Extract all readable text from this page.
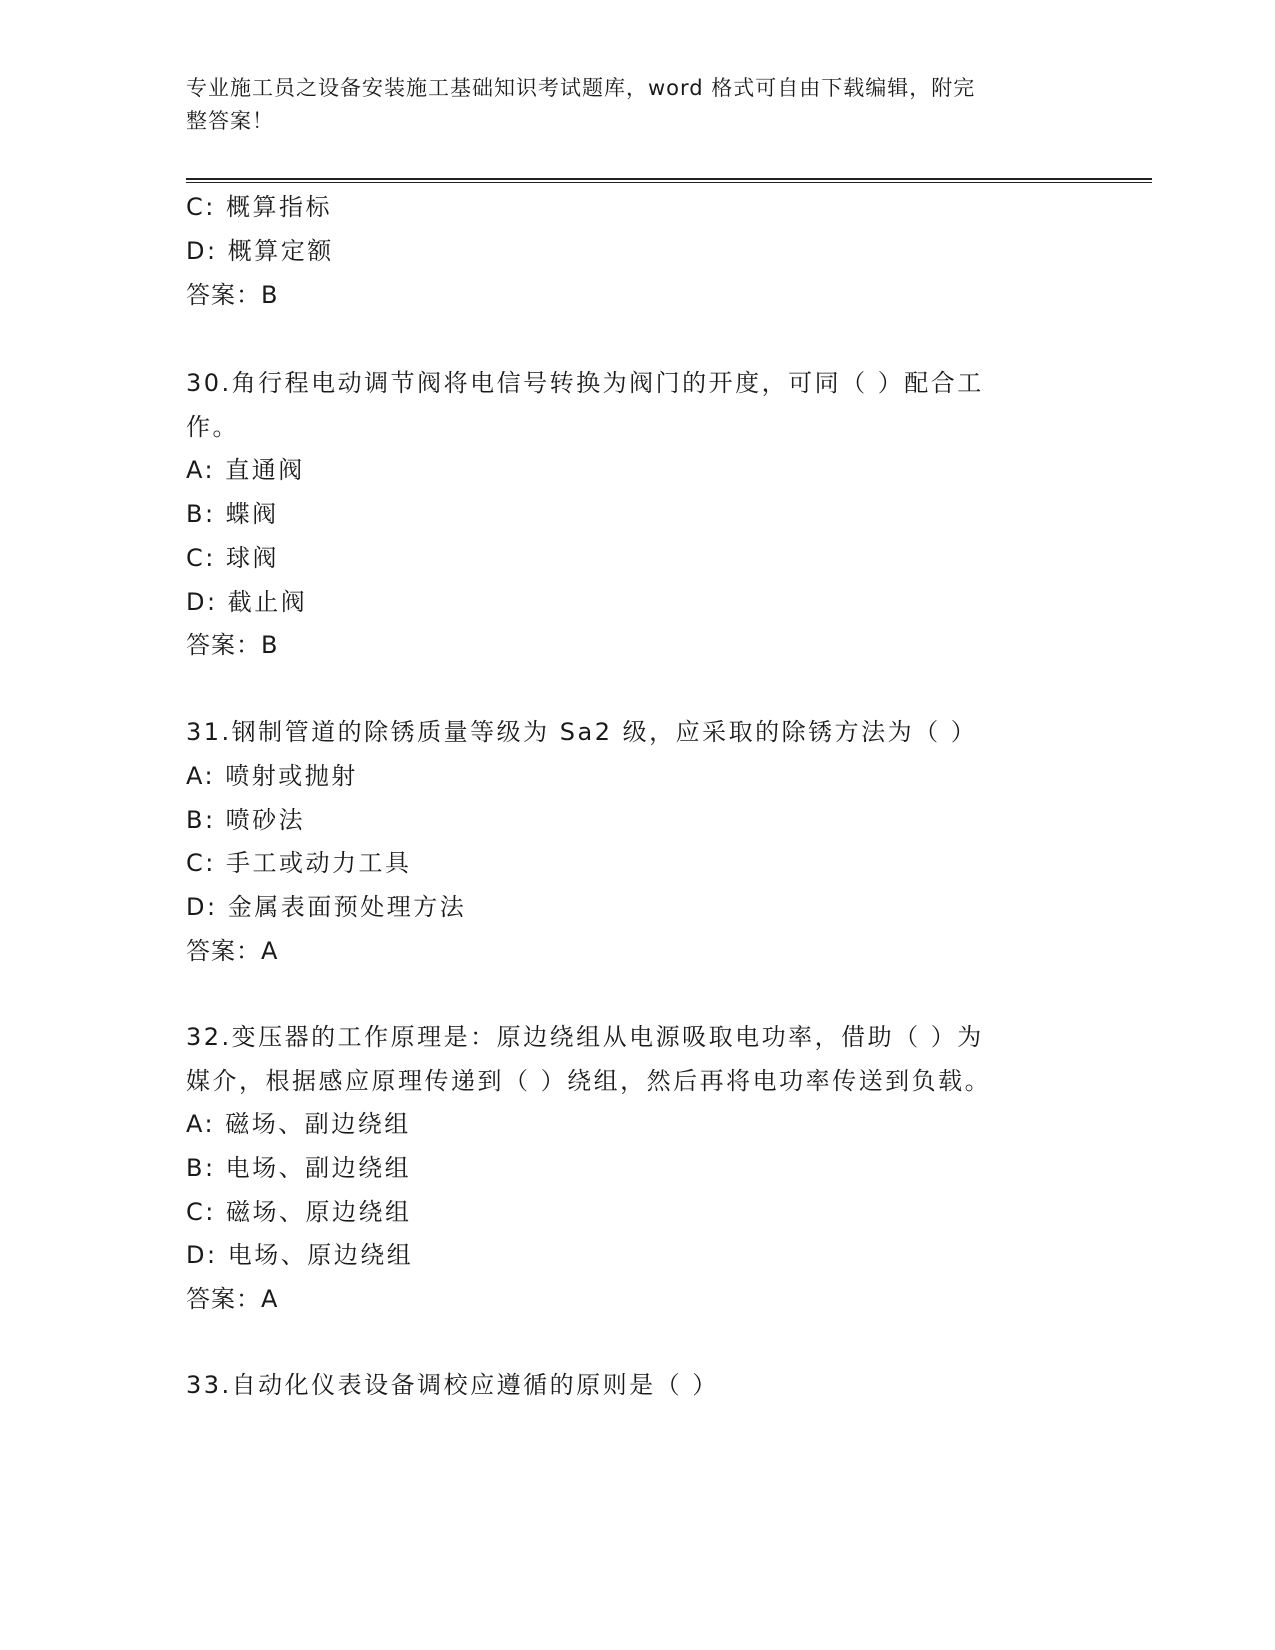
专业施工员之设备安装施工基础知识考试题库，word 格式可自由下载编辑，附完
整答案！
C: 概算指标
D: 概算定额
答案：B
30.角行程电动调节阀将电信号转换为阀门的开度，可同（ ）配合工
作。
A: 直通阀
B: 蝶阀
C: 球阀
D: 截止阀
答案：B
31.钢制管道的除锈质量等级为 Sa2 级，应采取的除锈方法为（ ）
A: 喷射或抛射
B: 喷砂法
C: 手工或动力工具
D: 金属表面预处理方法
答案：A
32.变压器的工作原理是：原边绕组从电源吸取电功率，借助（ ）为
媒介，根据感应原理传递到（ ）绕组，然后再将电功率传送到负载。
A: 磁场、副边绕组
B: 电场、副边绕组
C: 磁场、原边绕组
D: 电场、原边绕组
答案：A
33.自动化仪表设备调校应遵循的原则是（ ）
